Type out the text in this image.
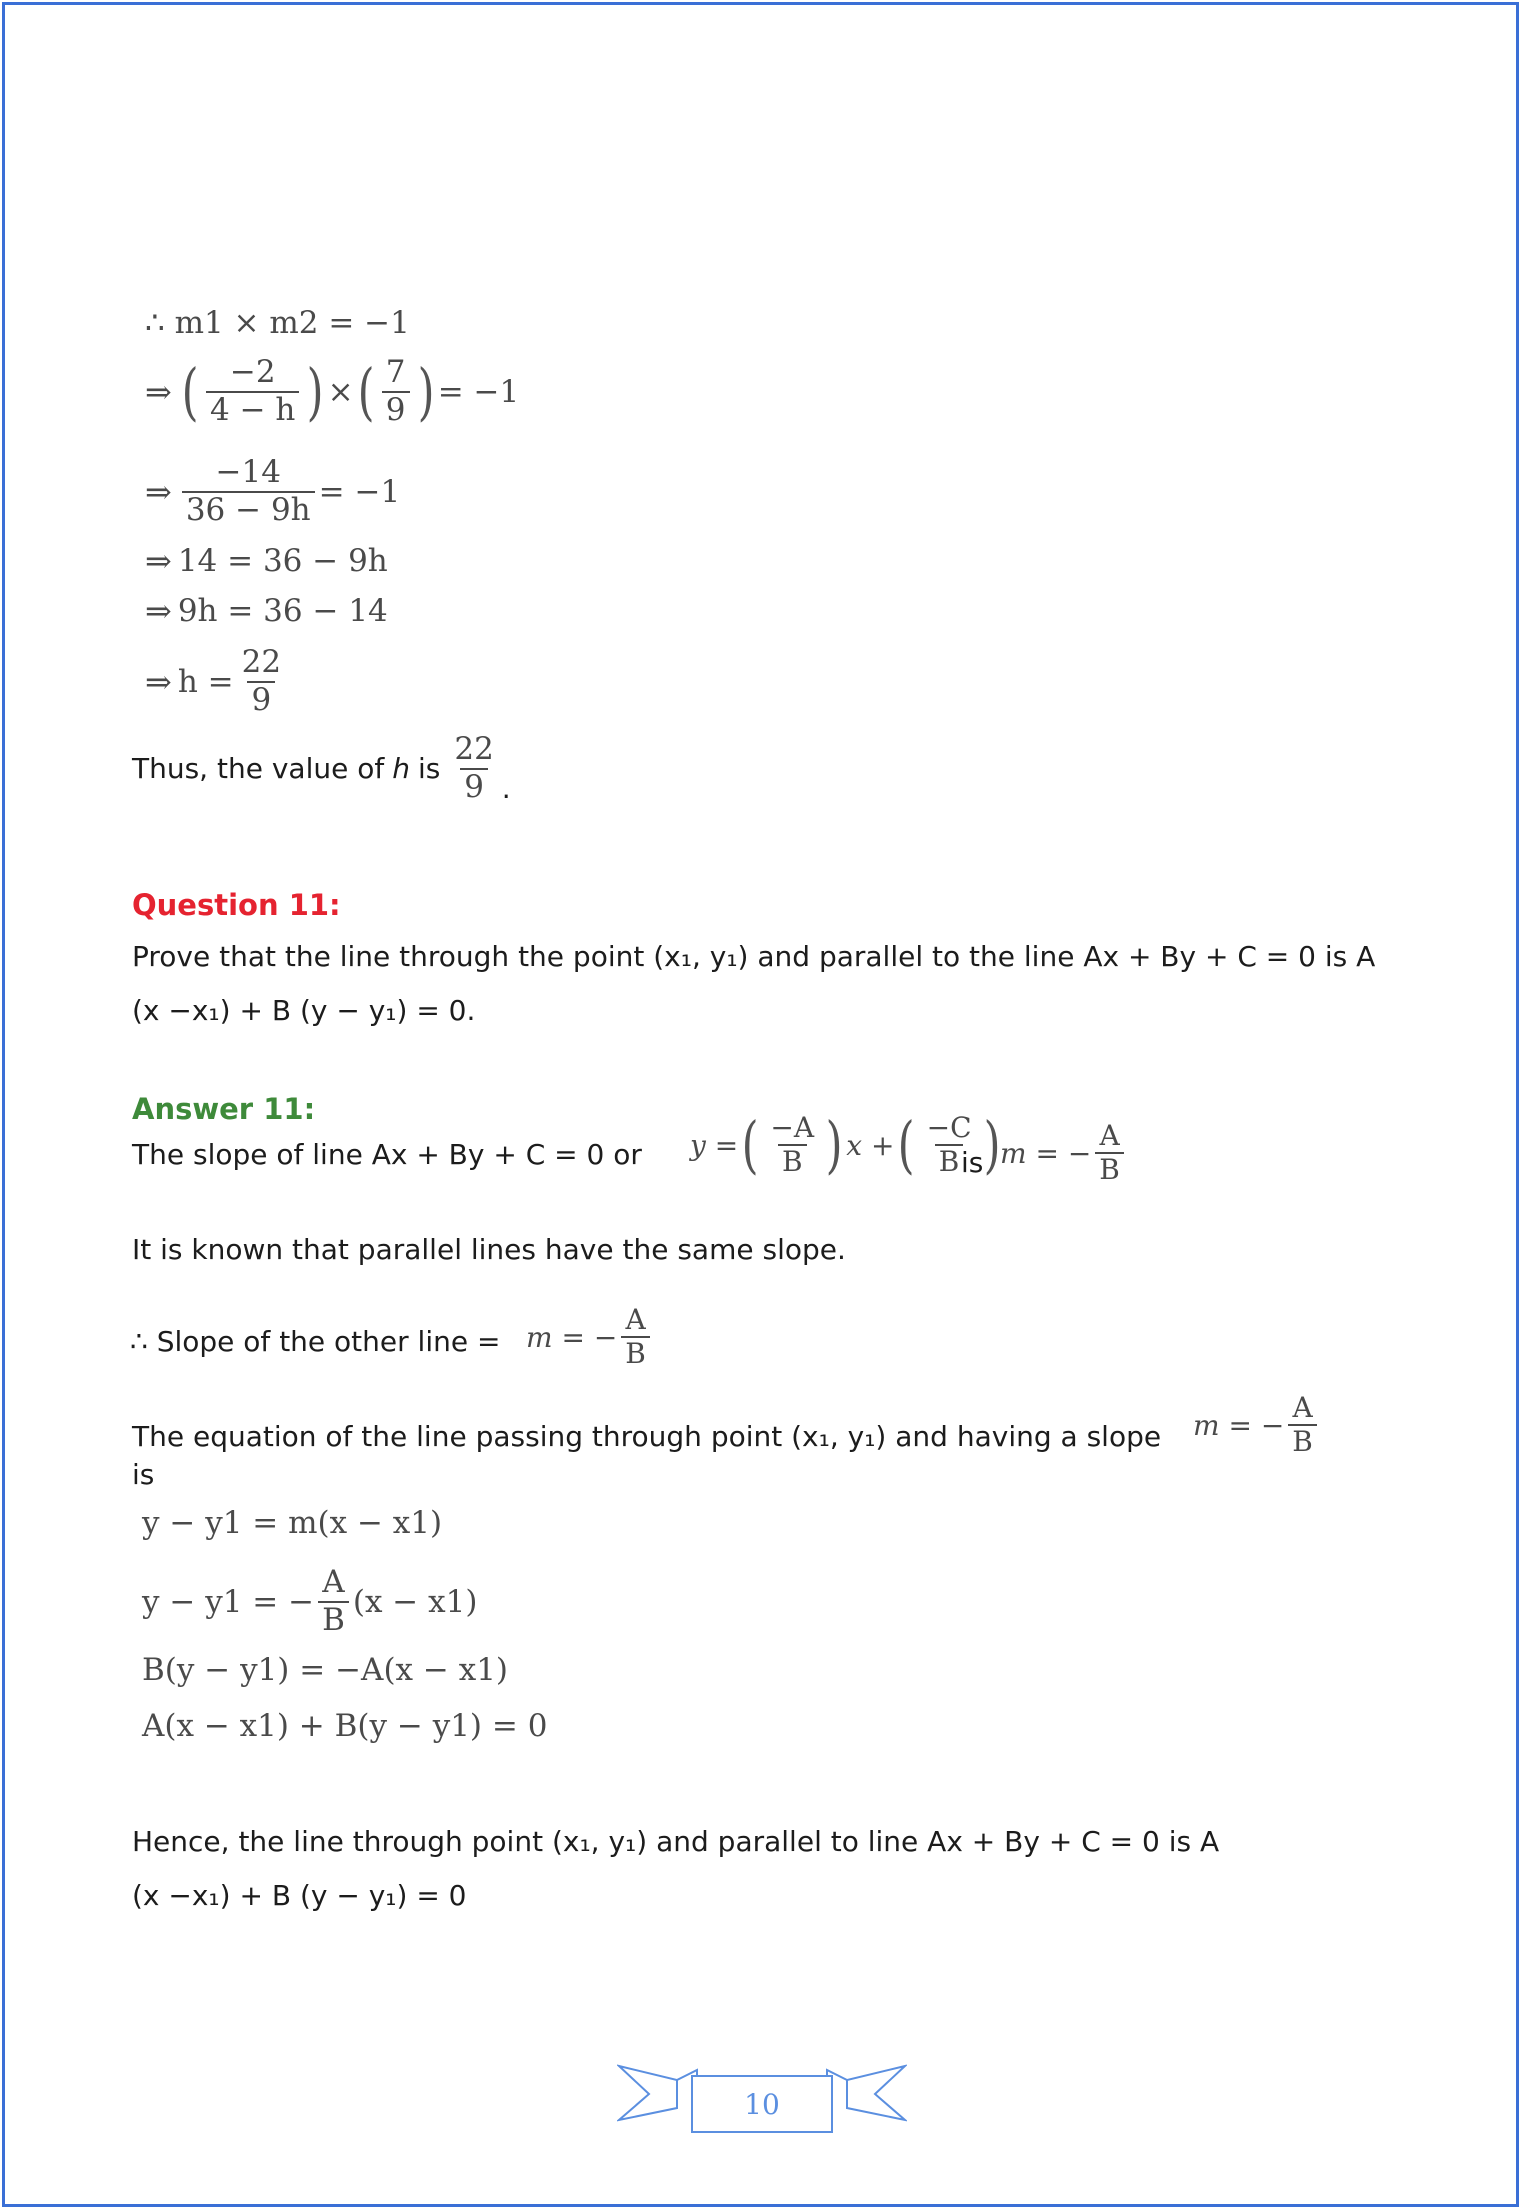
∴ m1 × m2 = −1
⇒ ( $\frac{-2}{4 - h}$ ) × ( $\frac{7}{9}$ ) = −1
⇒ $\frac{-14}{36 - 9h} = -1$
⇒ 14 = 36 − 9h
⇒ 9h = 36 − 14
⇒ $h = \frac{22}{9}$
Thus, the value of h is $\frac{22}{9}$ .
Question 11:
Prove that the line through the point (x₁, y₁) and parallel to the line Ax + By + C = 0 is A
(x −x₁) + B (y − y₁) = 0.
Answer 11:
The slope of line Ax + By + C = 0 or y = ( $\frac{-A}{B}$ ) x + ( $\frac{-C}{B}$ )
is m = − $\frac{A}{B}$
It is known that parallel lines have the same slope.
∴ Slope of the other line = m = − $\frac{A}{B}$
The equation of the line passing through point (x₁, y₁) and having a slope m = − $\frac{A}{B}$
is
y − y1 = m(x − x1)
y − y1 = − $\frac{A}{B} (x - x1)$
B(y − y1) = −A(x − x1)
A(x − x1) + B(y − y1) = 0
Hence, the line through point (x₁, y₁) and parallel to line Ax + By + C = 0 is A
(x −x₁) + B (y − y₁) = 0
10
